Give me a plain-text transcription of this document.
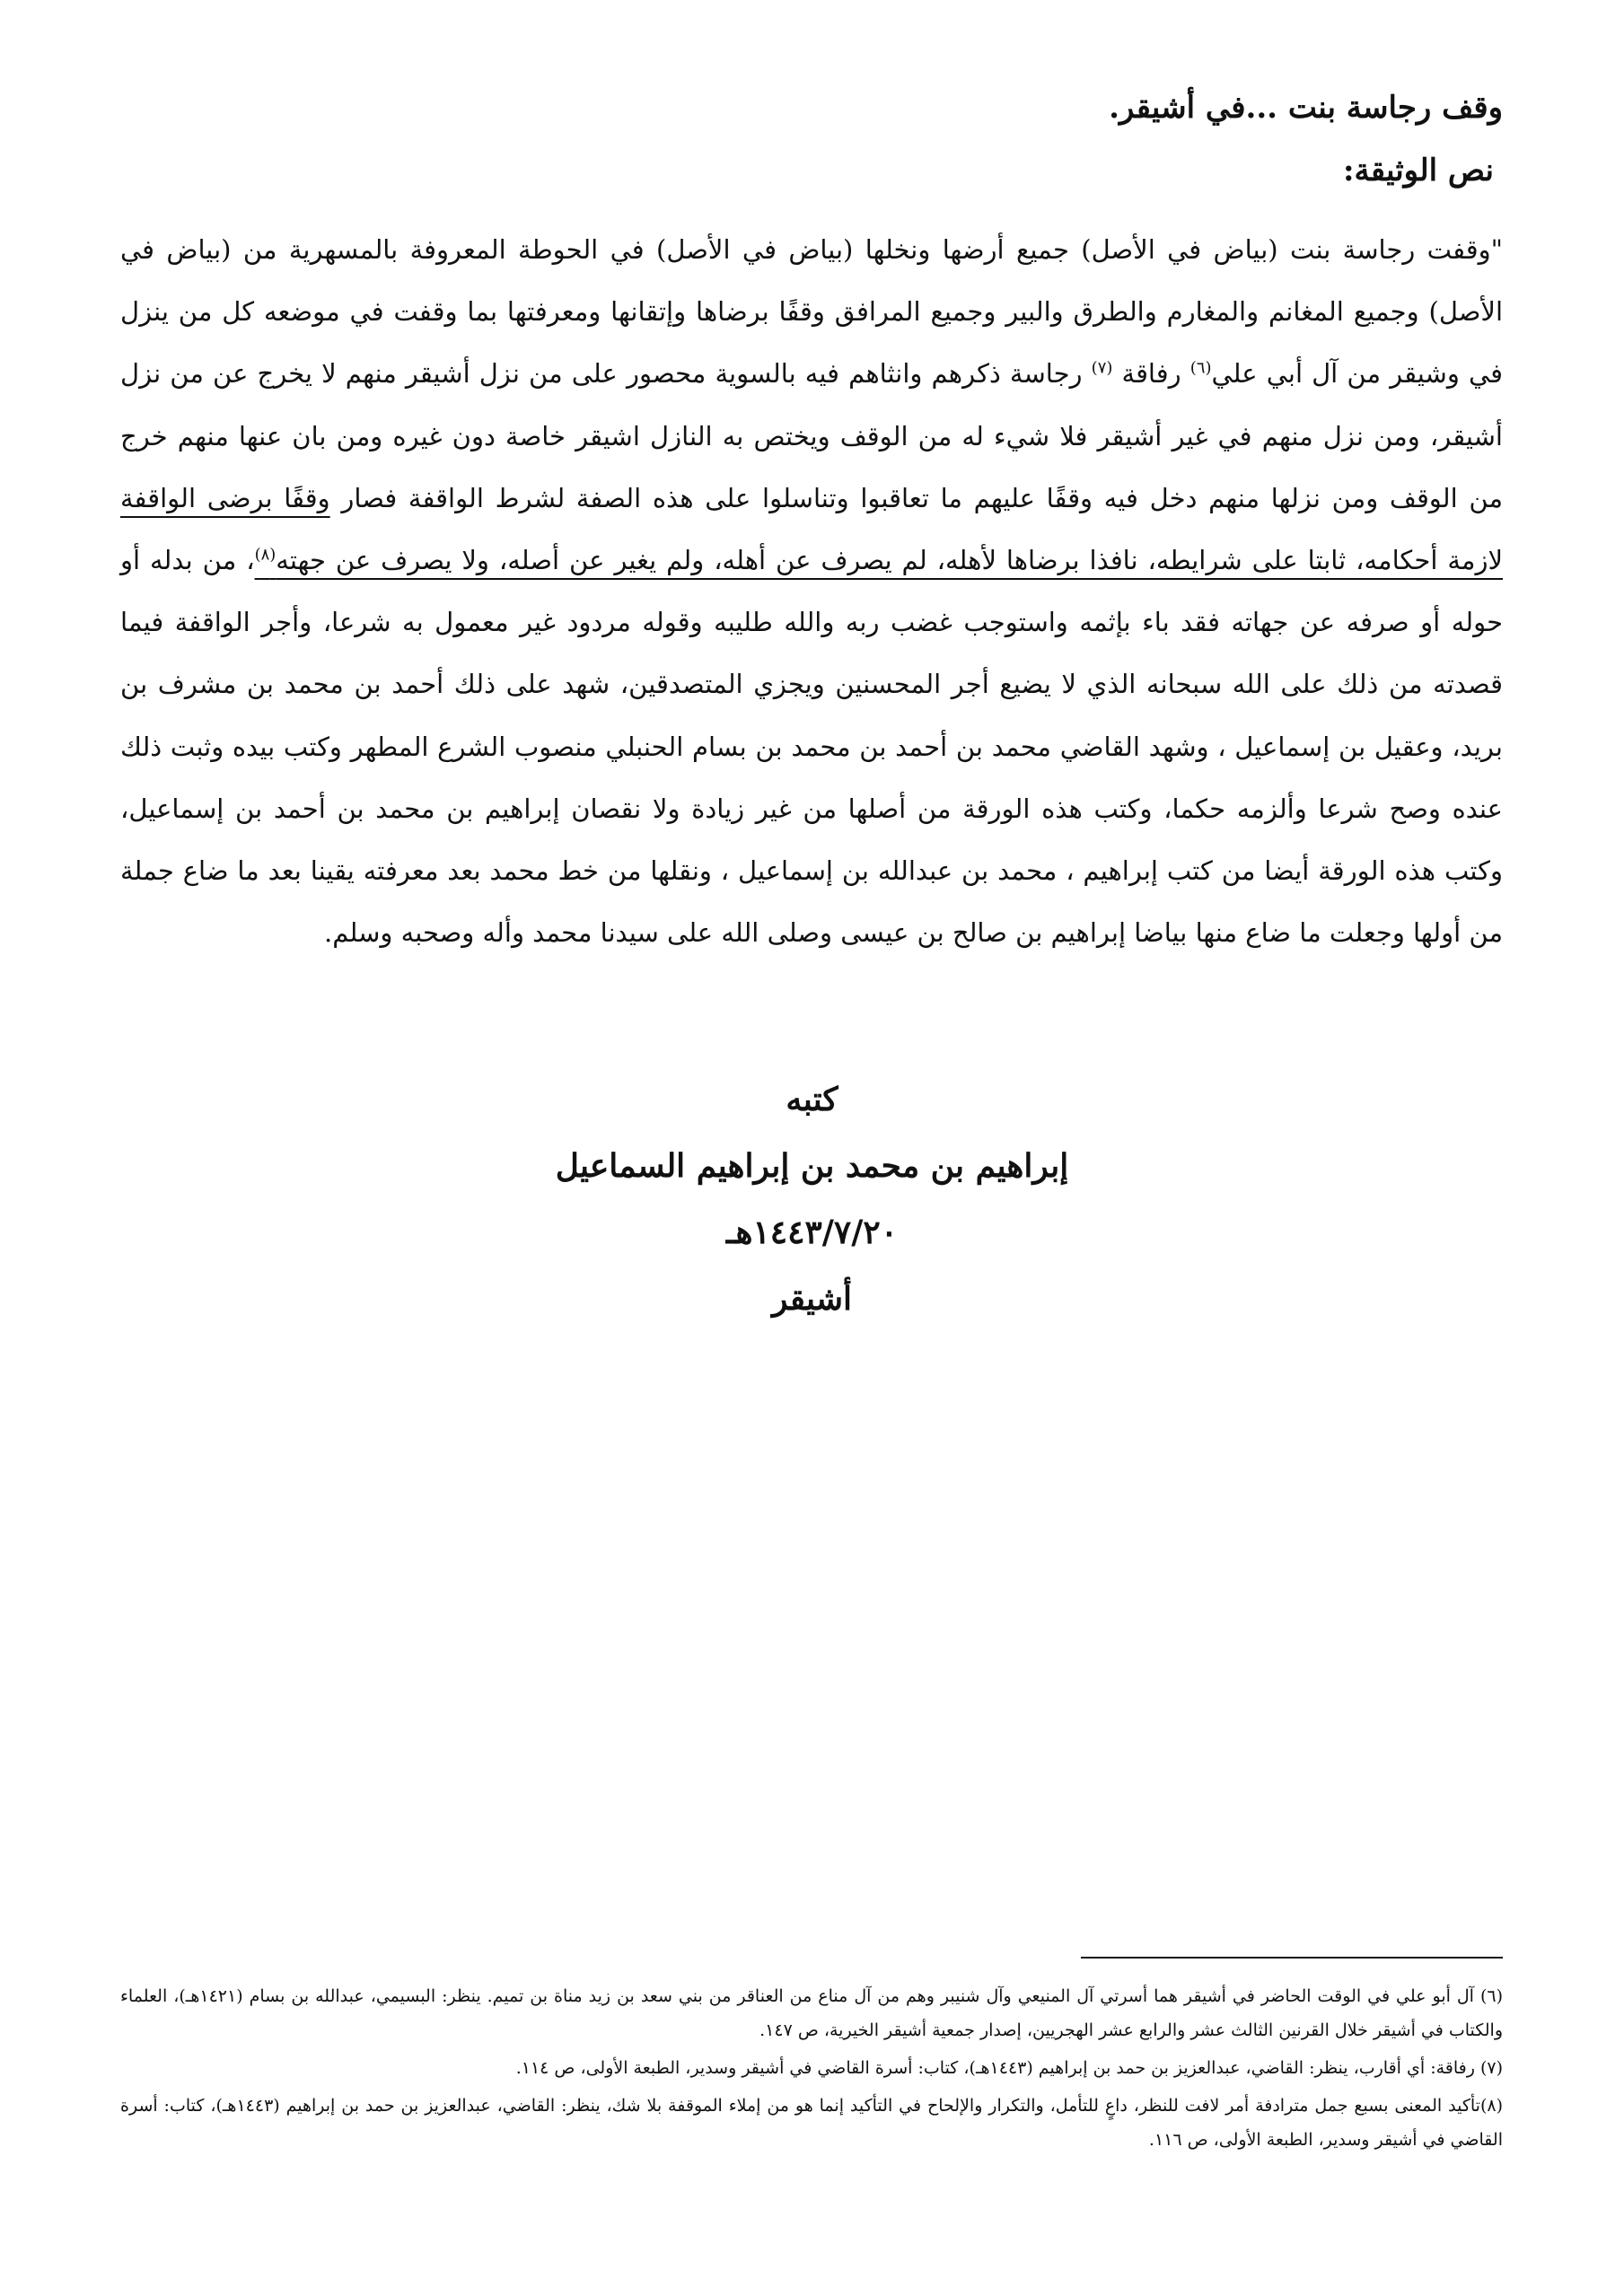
وقف رجاسة بنت ...في أشيقر.
نص الوثيقة:

"وقفت رجاسة بنت (بياض في الأصل) جميع أرضها ونخلها (بياض في الأصل) في الحوطة المعروفة بالمسهرية من (بياض في الأصل) وجميع المغانم والمغارم والطرق والبير وجميع المرافق وقفًا برضاها وإتقانها ومعرفتها بما وقفت في موضعه كل من ينزل في وشيقر من آل أبي علي$^{(٦)}$ رفاقة $^{(٧)}$ رجاسة ذكرهم وانثاهم فيه بالسوية محصور على من نزل أشيقر منهم لا يخرج عن من نزل أشيقر، ومن نزل منهم في غير أشيقر فلا شيء له من الوقف ويختص به النازل اشيقر خاصة دون غيره ومن بان عنها منهم خرج من الوقف ومن نزلها منهم دخل فيه وقفًا عليهم ما تعاقبوا وتناسلوا على هذه الصفة لشرط الواقفة فصار وقفًا برضى الواقفة لازمة أحكامه، ثابتا على شرايطه، نافذا برضاها لأهله، لم يصرف عن أهله، ولم يغير عن أصله، ولا يصرف عن جهته$^{(٨)}$، من بدله أو حوله أو صرفه عن جهاته فقد باء بإثمه واستوجب غضب ربه والله طليبه وقوله مردود غير معمول به شرعا، وأجر الواقفة فيما قصدته من ذلك على الله سبحانه الذي لا يضيع أجر المحسنين ويجزي المتصدقين، شهد على ذلك أحمد بن محمد بن مشرف بن بريد، وعقيل بن إسماعيل ، وشهد القاضي محمد بن أحمد بن محمد بن بسام الحنبلي منصوب الشرع المطهر وكتب بيده وثبت ذلك عنده وصح شرعا وألزمه حكما، وكتب هذه الورقة من أصلها من غير زيادة ولا نقصان إبراهيم بن محمد بن أحمد بن إسماعيل، وكتب هذه الورقة أيضا من كتب إبراهيم ، محمد بن عبدالله بن إسماعيل ، ونقلها من خط محمد بعد معرفته يقينا بعد ما ضاع جملة من أولها وجعلت ما ضاع منها بياضا إبراهيم بن صالح بن عيسى وصلى الله على سيدنا محمد وأله وصحبه وسلم.

كتبه
إبراهيم بن محمد بن إبراهيم السماعيل
١٤٤٣/٧/٢٠هـ
أشيقر

(٦) آل أبو علي في الوقت الحاضر في أشيقر هما أسرتي آل المنيعي وآل شنيبر وهم من آل مناع من العناقر من بني سعد بن زيد مناة بن تميم. ينظر: البسيمي، عبدالله بن بسام (١٤٢١هـ)، العلماء والكتاب في أشيقر خلال القرنين الثالث عشر والرابع عشر الهجريين، إصدار جمعية أشيقر الخيرية، ص ١٤٧.

(٧) رفاقة: أي أقارب، ينظر: القاضي، عبدالعزيز بن حمد بن إبراهيم (١٤٤٣هـ)، كتاب: أسرة القاضي في أشيقر وسدير، الطبعة الأولى، ص ١١٤.

(٨)تأكيد المعنى بسبع جمل مترادفة أمر لافت للنظر، داعٍ للتأمل، والتكرار والإلحاح في التأكيد إنما هو من إملاء الموقفة بلا شك، ينظر: القاضي، عبدالعزيز بن حمد بن إبراهيم (١٤٤٣هـ)، كتاب: أسرة القاضي في أشيقر وسدير، الطبعة الأولى، ص ١١٦.
